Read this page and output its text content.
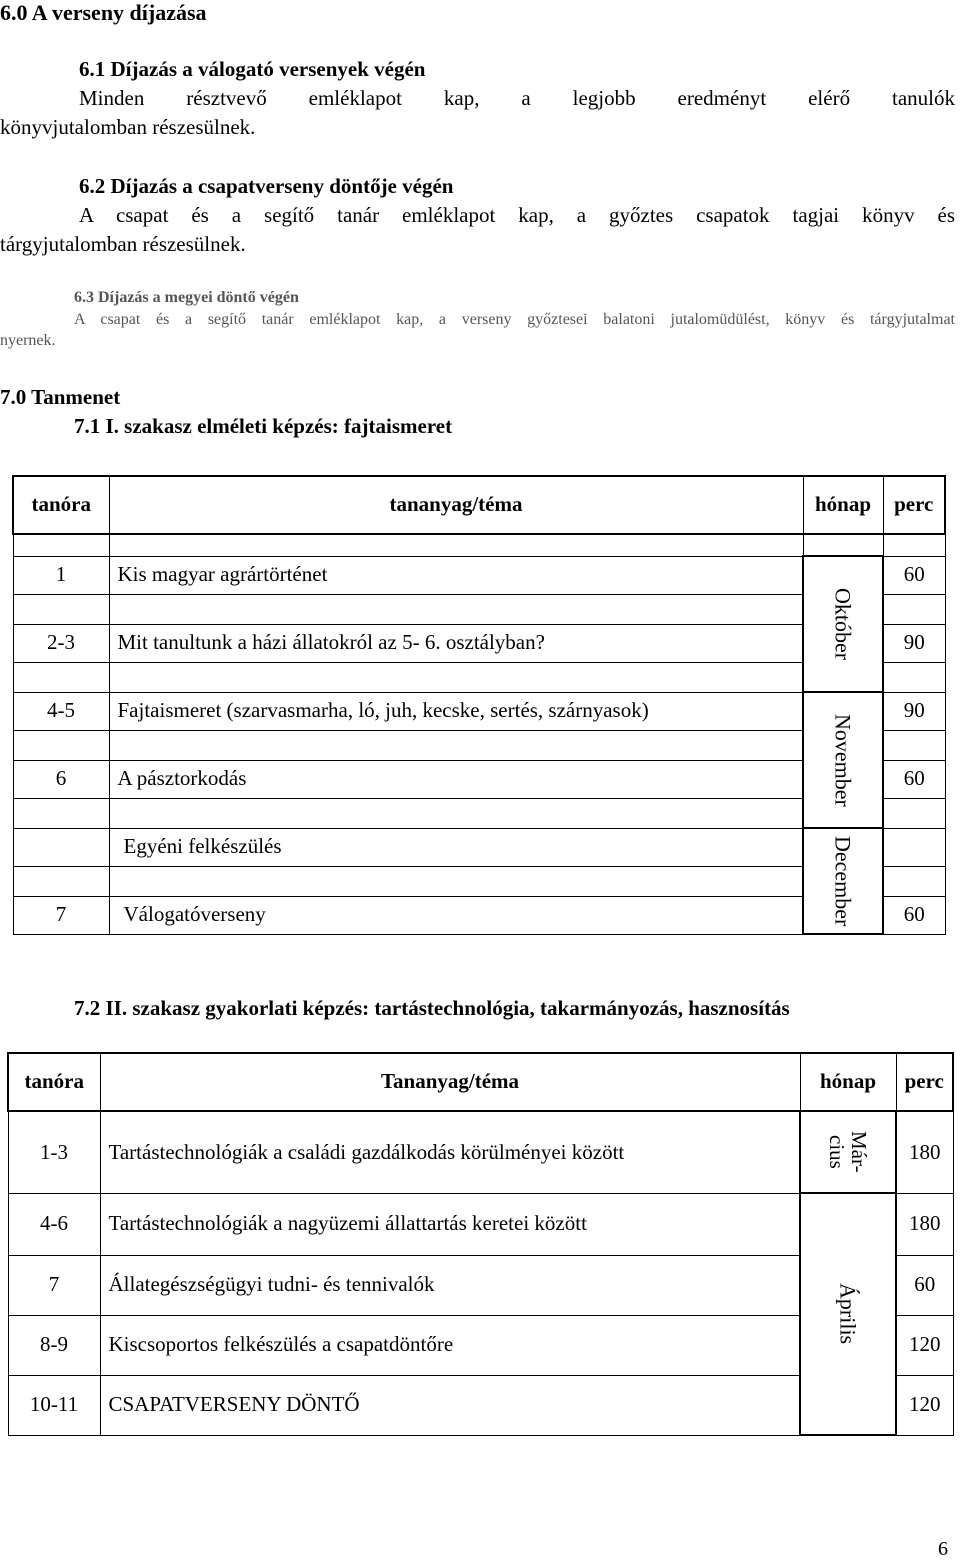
6.0 A verseny díjazása
6.1 Díjazás a válogató versenyek végén
Minden résztvevő emléklapot kap, a legjobb eredményt elérő tanulók
könyvjutalomban részesülnek.
6.2 Díjazás a csapatverseny döntője végén
A csapat és a segítő tanár emléklapot kap, a győztes csapatok tagjai könyv és
tárgyjutalomban részesülnek.
6.3 Díjazás a megyei döntő végén
A csapat és a segítő tanár emléklapot kap, a verseny győztesei balatoni jutalomüdülést, könyv és tárgyjutalmat
nyernek.
7.0 Tanmenet
7.1 I. szakasz elméleti képzés: fajtaismeret
tanóra	tananyag/téma	hónap	perc

1	Kis magyar agrártörténet	Október	60

2-3	Mit tanultunk a házi állatokról az 5- 6. osztályban?		90

4-5	Fajtaismeret (szarvasmarha, ló, juh, kecske, sertés, szárnyasok)	November	90

6	A pásztorkodás		60

	Egyéni felkészülés	December	

7	Válogatóverseny		60
7.2 II. szakasz gyakorlati képzés: tartástechnológia, takarmányozás, hasznosítás
tanóra	Tananyag/téma	hónap	perc
1-3	Tartástechnológiák a családi gazdálkodás körülményei között	Már-
cius	180
4-6	Tartástechnológiák a nagyüzemi állattartás keretei között	Április	180
7	Állategészségügyi tudni- és tennivalók		60
8-9	Kiscsoportos felkészülés a csapatdöntőre		120
10-11	CSAPATVERSENY DÖNTŐ		120
6
